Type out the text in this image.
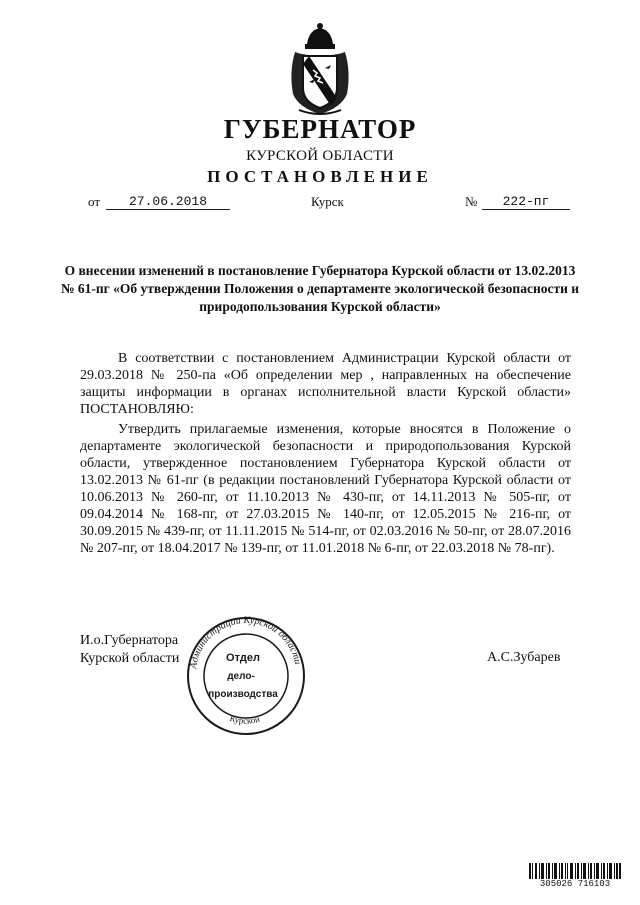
ГУБЕРНАТОР
КУРСКОЙ ОБЛАСТИ
ПОСТАНОВЛЕНИЕ
от	27.06.2018	Курск	№	222-пг
О внесении изменений в постановление Губернатора Курской области от 13.02.2013 № 61-пг «Об утверждении Положения о департаменте экологической безопасности и природопользования Курской области»
В соответствии с постановлением Администрации Курской области от 29.03.2018 № 250-па «Об определении мер , направленных на обеспечение защиты информации в органах исполнительной власти Курской области» ПОСТАНОВЛЯЮ:
Утвердить прилагаемые изменения, которые вносятся в Положение о департаменте экологической безопасности и природопользования Курской области, утвержденное постановлением Губернатора Курской области от 13.02.2013 № 61-пг (в редакции постановлений Губернатора Курской области от 10.06.2013 № 260-пг, от 11.10.2013 № 430-пг, от 14.11.2013 № 505-пг, от 09.04.2014 № 168-пг, от 27.03.2015 № 140-пг, от 12.05.2015 № 216-пг, от 30.09.2015 № 439-пг, от 11.11.2015 № 514-пг, от 02.03.2016 № 50-пг, от 28.07.2016 № 207-пг, от 18.04.2017 № 139-пг, от 11.01.2018 № 6-пг, от 22.03.2018 № 78-пг).
И.о.Губернатора
Курской области	А.С.Зубарев
Администрации Курской области
Курской
Отдел
дело-
производства
305026 716103
